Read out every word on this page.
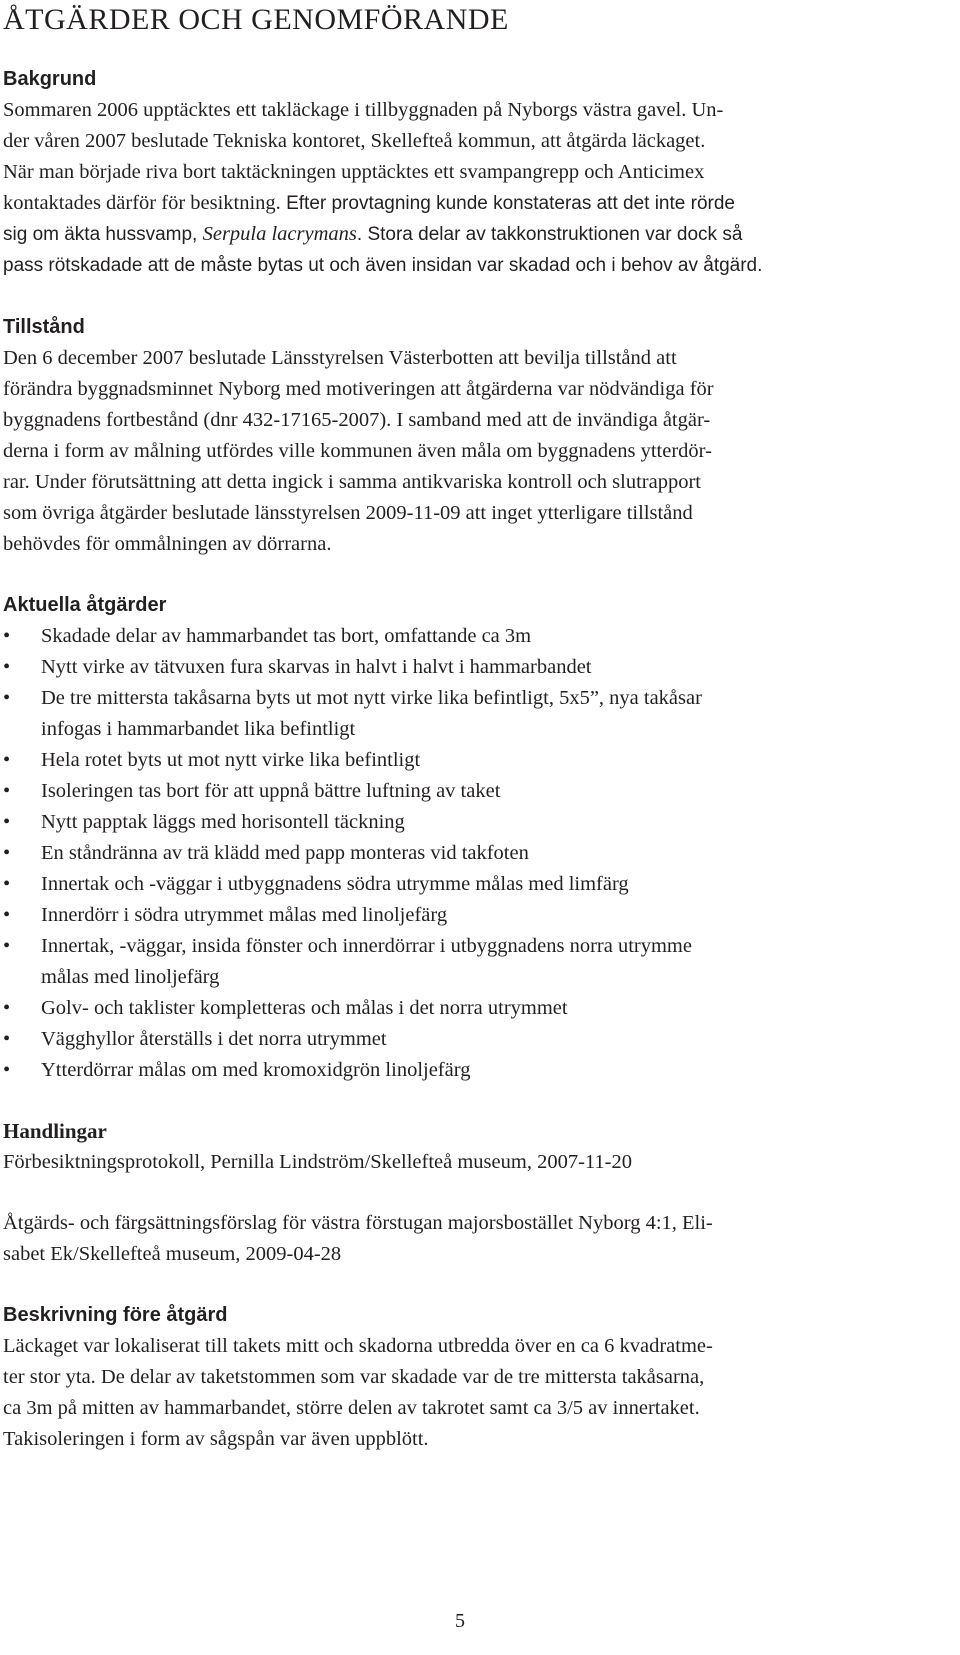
ÅTGÄRDER OCH GENOMFÖRANDE

Bakgrund

Sommaren 2006 upptäcktes ett takläckage i tillbyggnaden på Nyborgs västra gavel. Un-

der våren 2007 beslutade Tekniska kontoret, Skellefteå kommun, att åtgärda läckaget.

När man började riva bort taktäckningen upptäcktes ett svampangrepp och Anticimex

kontaktades därför för besiktning. Efter provtagning kunde konstateras att det inte rörde

sig om äkta hussvamp, Serpula lacrymans. Stora delar av takkonstruktionen var dock så

pass rötskadade att de måste bytas ut och även insidan var skadad och i behov av åtgärd.

Tillstånd

Den 6 december 2007 beslutade Länsstyrelsen Västerbotten att bevilja tillstånd att

förändra byggnadsminnet Nyborg med motiveringen att åtgärderna var nödvändiga för

byggnadens fortbestånd (dnr 432-17165-2007). I samband med att de invändiga åtgär-

derna i form av målning utfördes ville kommunen även måla om byggnadens ytterdör-

rar. Under förutsättning att detta ingick i samma antikvariska kontroll och slutrapport

som övriga åtgärder beslutade länsstyrelsen 2009-11-09 att inget ytterligare tillstånd

behövdes för ommålningen av dörrarna.

Aktuella åtgärder

•	Skadade delar av hammarbandet tas bort, omfattande ca 3m
•	Nytt virke av tätvuxen fura skarvas in halvt i halvt i hammarbandet
•	De tre mittersta takåsarna byts ut mot nytt virke lika befintligt, 5x5”, nya takåsar
infogas i hammarbandet lika befintligt
•	Hela rotet byts ut mot nytt virke lika befintligt
•	Isoleringen tas bort för att uppnå bättre luftning av taket
•	Nytt papptak läggs med horisontell täckning
•	En ståndränna av trä klädd med papp monteras vid takfoten
•	Innertak och -väggar i utbyggnadens södra utrymme målas med limfärg
•	Innerdörr i södra utrymmet målas med linoljefärg
•	Innertak, -väggar, insida fönster och innerdörrar i utbyggnadens norra utrymme
målas med linoljefärg
•	Golv- och taklister kompletteras och målas i det norra utrymmet
•	Vägghyllor återställs i det norra utrymmet
•	Ytterdörrar målas om med kromoxidgrön linoljefärg

Handlingar

Förbesiktningsprotokoll, Pernilla Lindström/Skellefteå museum, 2007-11-20

Åtgärds- och färgsättningsförslag för västra förstugan majorsbostället Nyborg 4:1, Eli-

sabet Ek/Skellefteå museum, 2009-04-28

Beskrivning före åtgärd

Läckaget var lokaliserat till takets mitt och skadorna utbredda över en ca 6 kvadratme-

ter stor yta. De delar av taketstommen som var skadade var de tre mittersta takåsarna,

ca 3m på mitten av hammarbandet, större delen av takrotet samt ca 3/5 av innertaket.

Takisoleringen i form av sågspån var även uppblött.

5
